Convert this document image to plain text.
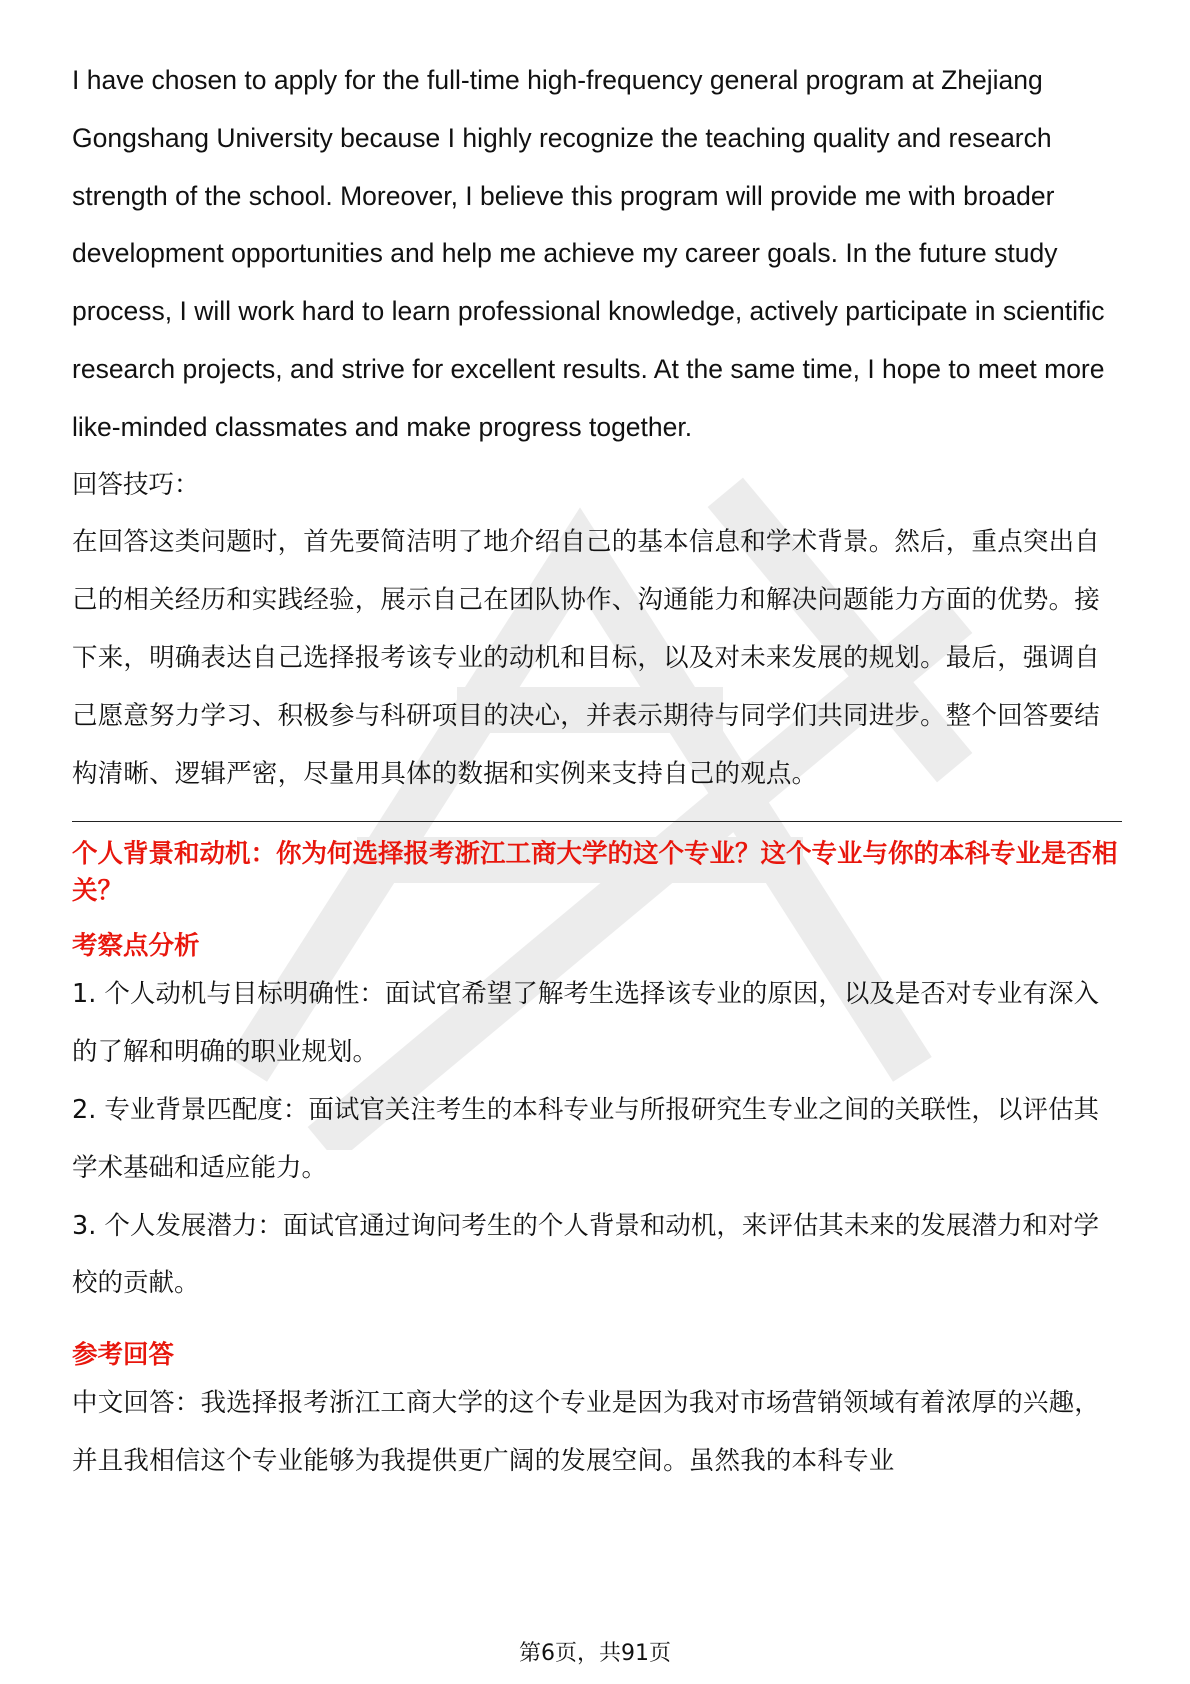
I have chosen to apply for the full-time high-frequency general program at Zhejiang Gongshang University because I highly recognize the teaching quality and research strength of the school. Moreover, I believe this program will provide me with broader development opportunities and help me achieve my career goals. In the future study process, I will work hard to learn professional knowledge, actively participate in scientific research projects, and strive for excellent results. At the same time, I hope to meet more like-minded classmates and make progress together.

回答技巧：

在回答这类问题时，首先要简洁明了地介绍自己的基本信息和学术背景。然后，重点突出自己的相关经历和实践经验，展示自己在团队协作、沟通能力和解决问题能力方面的优势。接下来，明确表达自己选择报考该专业的动机和目标，以及对未来发展的规划。最后，强调自己愿意努力学习、积极参与科研项目的决心，并表示期待与同学们共同进步。整个回答要结构清晰、逻辑严密，尽量用具体的数据和实例来支持自己的观点。

个人背景和动机：你为何选择报考浙江工商大学的这个专业？这个专业与你的本科专业是否相关？

考察点分析

1. 个人动机与目标明确性：面试官希望了解考生选择该专业的原因，以及是否对专业有深入的了解和明确的职业规划。

2. 专业背景匹配度：面试官关注考生的本科专业与所报研究生专业之间的关联性，以评估其学术基础和适应能力。

3. 个人发展潜力：面试官通过询问考生的个人背景和动机，来评估其未来的发展潜力和对学校的贡献。

参考回答

中文回答：我选择报考浙江工商大学的这个专业是因为我对市场营销领域有着浓厚的兴趣，并且我相信这个专业能够为我提供更广阔的发展空间。虽然我的本科专业

第6页，共91页
